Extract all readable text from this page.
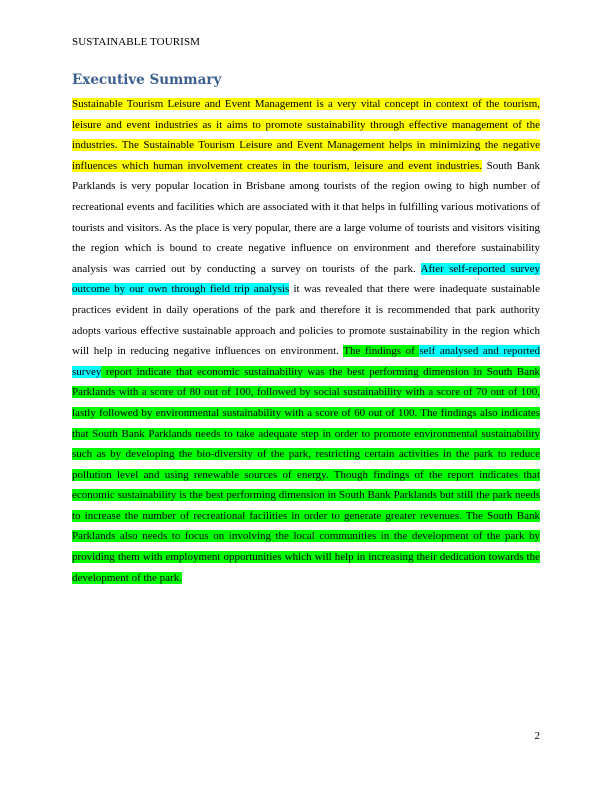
SUSTAINABLE TOURISM
Executive Summary

Sustainable Tourism Leisure and Event Management is a very vital concept in context of the tourism, leisure and event industries as it aims to promote sustainability through effective management of the industries. The Sustainable Tourism Leisure and Event Management helps in minimizing the negative influences which human involvement creates in the tourism, leisure and event industries. South Bank Parklands is very popular location in Brisbane among tourists of the region owing to high number of recreational events and facilities which are associated with it that helps in fulfilling various motivations of tourists and visitors. As the place is very popular, there are a large volume of tourists and visitors visiting the region which is bound to create negative influence on environment and therefore sustainability analysis was carried out by conducting a survey on tourists of the park. After self-reported survey outcome by our own through field trip analysis it was revealed that there were inadequate sustainable practices evident in daily operations of the park and therefore it is recommended that park authority adopts various effective sustainable approach and policies to promote sustainability in the region which will help in reducing negative influences on environment. The findings of self analysed and reported survey report indicate that economic sustainability was the best performing dimension in South Bank Parklands with a score of 80 out of 100, followed by social sustainability with a score of 70 out of 100, lastly followed by environmental sustainability with a score of 60 out of 100. The findings also indicates that South Bank Parklands needs to take adequate step in order to promote environmental sustainability such as by developing the bio-diversity of the park, restricting certain activities in the park to reduce pollution level and using renewable sources of energy. Though findings of the report indicates that economic sustainability is the best performing dimension in South Bank Parklands but still the park needs to increase the number of recreational facilities in order to generate greater revenues. The South Bank Parklands also needs to focus on involving the local communities in the development of the park by providing them with employment opportunities which will help in increasing their dedication towards the development of the park.

2
